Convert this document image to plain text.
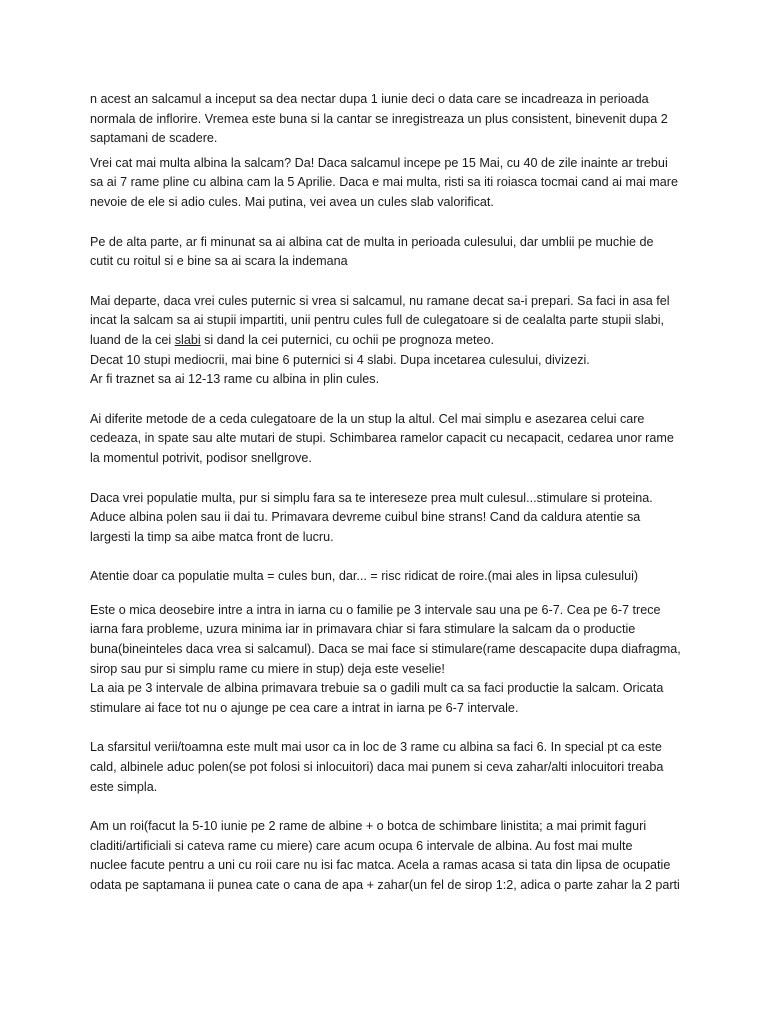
n acest an salcamul a inceput sa dea nectar dupa 1 iunie deci o data care se incadreaza in perioada
normala de inflorire. Vremea este buna si la cantar se inregistreaza un plus consistent, binevenit dupa 2
saptamani de scadere.

Vrei cat mai multa albina la salcam? Da! Daca salcamul incepe pe 15 Mai, cu 40 de zile inainte ar trebui
sa ai 7 rame pline cu albina cam la 5 Aprilie. Daca e mai multa, risti sa iti roiasca tocmai cand ai mai mare
nevoie de ele si adio cules. Mai putina, vei avea un cules slab valorificat.

Pe de alta parte, ar fi minunat sa ai albina cat de multa in perioada culesului, dar umblii pe muchie de
cutit cu roitul si e bine sa ai scara la indemana

Mai departe, daca vrei cules puternic si vrea si salcamul, nu ramane decat sa-i prepari. Sa faci in asa fel
incat la salcam sa ai stupii impartiti, unii pentru cules full de culegatoare si de cealalta parte stupii slabi,
luand de la cei slabi si dand la cei puternici, cu ochii pe prognoza meteo.
Decat 10 stupi mediocrii, mai bine 6 puternici si 4 slabi. Dupa incetarea culesului, divizezi.
Ar fi traznet sa ai 12-13 rame cu albina in plin cules.

Ai diferite metode de a ceda culegatoare de la un stup la altul. Cel mai simplu e asezarea celui care
cedeaza, in spate sau alte mutari de stupi. Schimbarea ramelor capacit cu necapacit, cedarea unor rame
la momentul potrivit, podisor snellgrove.

Daca vrei populatie multa, pur si simplu fara sa te intereseze prea mult culesul...stimulare si proteina.
Aduce albina polen sau ii dai tu. Primavara devreme cuibul bine strans! Cand da caldura atentie sa
largesti la timp sa aibe matca front de lucru.

Atentie doar ca populatie multa = cules bun, dar... = risc ridicat de roire.(mai ales in lipsa culesului)

Este o mica deosebire intre a intra in iarna cu o familie pe 3 intervale sau una pe 6-7. Cea pe 6-7 trece
iarna fara probleme, uzura minima iar in primavara chiar si fara stimulare la salcam da o productie
buna(bineinteles daca vrea si salcamul). Daca se mai face si stimulare(rame descapacite dupa diafragma,
sirop sau pur si simplu rame cu miere in stup) deja este veselie!
La aia pe 3 intervale de albina primavara trebuie sa o gadili mult ca sa faci productie la salcam. Oricata
stimulare ai face tot nu o ajunge pe cea care a intrat in iarna pe 6-7 intervale.

La sfarsitul verii/toamna este mult mai usor ca in loc de 3 rame cu albina sa faci 6. In special pt ca este
cald, albinele aduc polen(se pot folosi si inlocuitori) daca mai punem si ceva zahar/alti inlocuitori treaba
este simpla.

Am un roi(facut la 5-10 iunie pe 2 rame de albine + o botca de schimbare linistita; a mai primit faguri
claditi/artificiali si cateva rame cu miere) care acum ocupa 6 intervale de albina. Au fost mai multe
nuclee facute pentru a uni cu roii care nu isi fac matca. Acela a ramas acasa si tata din lipsa de ocupatie
odata pe saptamana ii punea cate o cana de apa + zahar(un fel de sirop 1:2, adica o parte zahar la 2 parti
